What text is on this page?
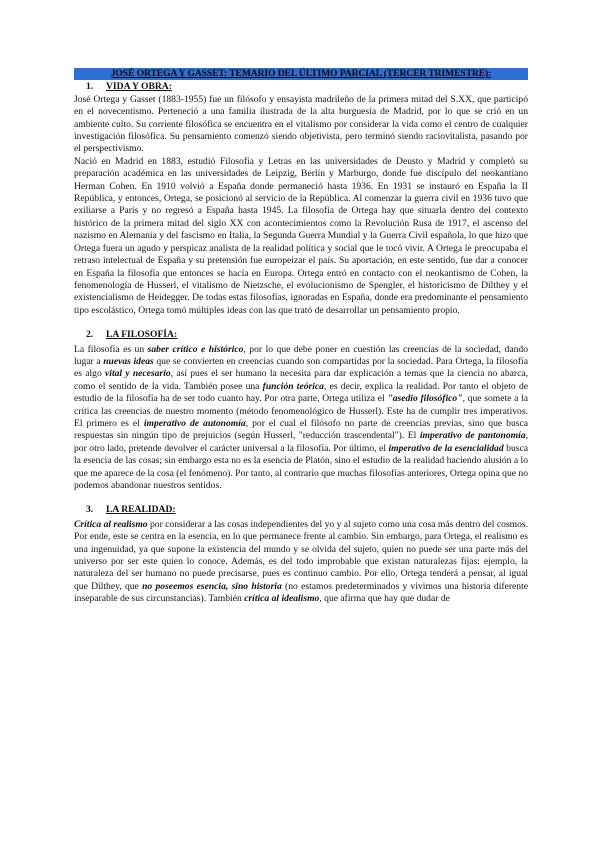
JOSÉ ORTEGA Y GASSET: TEMARIO DEL ÚLTIMO PARCIAL (TERCER TRIMESTRE):
1. VIDA Y OBRA:

José Ortega y Gasset (1883-1955) fue un filósofo y ensayista madrileño de la primera mitad del S.XX, que participó en el novecentismo. Perteneció a una familia ilustrada de la alta burguesía de Madrid, por lo que se crió en un ambiente culto. Su corriente filosófica se encuentra en el vitalismo por considerar la vida como el centro de cualquier investigación filosófica. Su pensamiento comenzó siendo objetivista, pero terminó siendo raciovitalista, pasando por el perspectivismo.

Nació en Madrid en 1883, estudió Filosofía y Letras en las universidades de Deusto y Madrid y completó su preparación académica en las universidades de Leipzig, Berlín y Marburgo, donde fue discípulo del neokantiano Herman Cohen. En 1910 volvió a España donde permaneció hasta 1936. En 1931 se instauró en España la II República, y entonces, Ortega, se posicionó al servicio de la República. Al comenzar la guerra civil en 1936 tuvo que exiliarse a París y no regresó a España hasta 1945. La filosofía de Ortega hay que situarla dentro del contexto histórico de la primera mitad del siglo XX con acontecimientos como la Revolución Rusa de 1917, el ascenso del nazismo en Alemania y del fascismo en Italia, la Segunda Guerra Mundial y la Guerra Civil española, lo que hizo que Ortega fuera un agudo y perspicaz analista de la realidad política y social que le tocó vivir. A Ortega le preocupaba el retraso intelectual de España y su pretensión fue europeizar el país. Su aportación, en este sentido, fue dar a conocer en España la filosofía que entonces se hacía en Europa. Ortega entró en contacto con el neokantismo de Cohen, la fenomenología de Husserl, el vitalismo de Nietzsche, el evolucionismo de Spengler, el historicismo de Dilthey y el existencialismo de Heidegger. De todas estas filosofías, ignoradas en España, donde era predominante el pensamiento tipo escolástico, Ortega tomó múltiples ideas con las que trató de desarrollar un pensamiento propio.

2. LA FILOSOFÍA:

La filosofía es un saber crítico e histórico, por lo que debe poner en cuestión las creencias de la sociedad, dando lugar a nuevas ideas que se convierten en creencias cuando son compartidas por la sociedad. Para Ortega, la filosofía es algo vital y necesario, así pues el ser humano la necesita para dar explicación a temas que la ciencia no abarca, como el sentido de la vida. También posee una función teórica, es decir, explica la realidad. Por tanto el objeto de estudio de la filosofía ha de ser todo cuanto hay. Por otra parte, Ortega utiliza el "asedio filosófico", que somete a la crítica las creencias de nuestro momento (método fenomenológico de Husserl). Este ha de cumplir tres imperativos. El primero es el imperativo de autonomía, por el cual el filósofo no parte de creencias previas, sino que busca respuestas sin ningún tipo de prejuicios (según Husserl, "reducción trascendental"). El imperativo de pantonomía, por otro lado, pretende devolver el carácter universal a la filosofía. Por último, el imperativo de la esencialidad busca la esencia de las cosas; sin embargo esta no es la esencia de Platón, sino el estudio de la realidad haciendo alusión a lo que me aparece de la cosa (el fenómeno). Por tanto, al contrario que muchas filosofías anteriores, Ortega opina que no podemos abandonar nuestros sentidos.

3. LA REALIDAD:

Crítica al realismo por considerar a las cosas independientes del yo y al sujeto como una cosa más dentro del cosmos. Por ende, este se centra en la esencia, en lo que permanece frente al cambio. Sin embargo, para Ortega, el realismo es una ingenuidad, ya que supone la existencia del mundo y se olvida del sujeto, quien no puede ser una parte más del universo por ser este quien lo conoce. Además, es del todo improbable que existan naturalezas fijas: ejemplo, la naturaleza del ser humano no puede precisarse, pues es continuo cambio. Por ello, Ortega tenderá a pensar, al igual que Dilthey, que no poseemos esencia, sino historia (no estamos predeterminados y vivimos una historia diferente inseparable de sus circunstancias). También crítica al idealismo, que afirma que hay que dudar de
